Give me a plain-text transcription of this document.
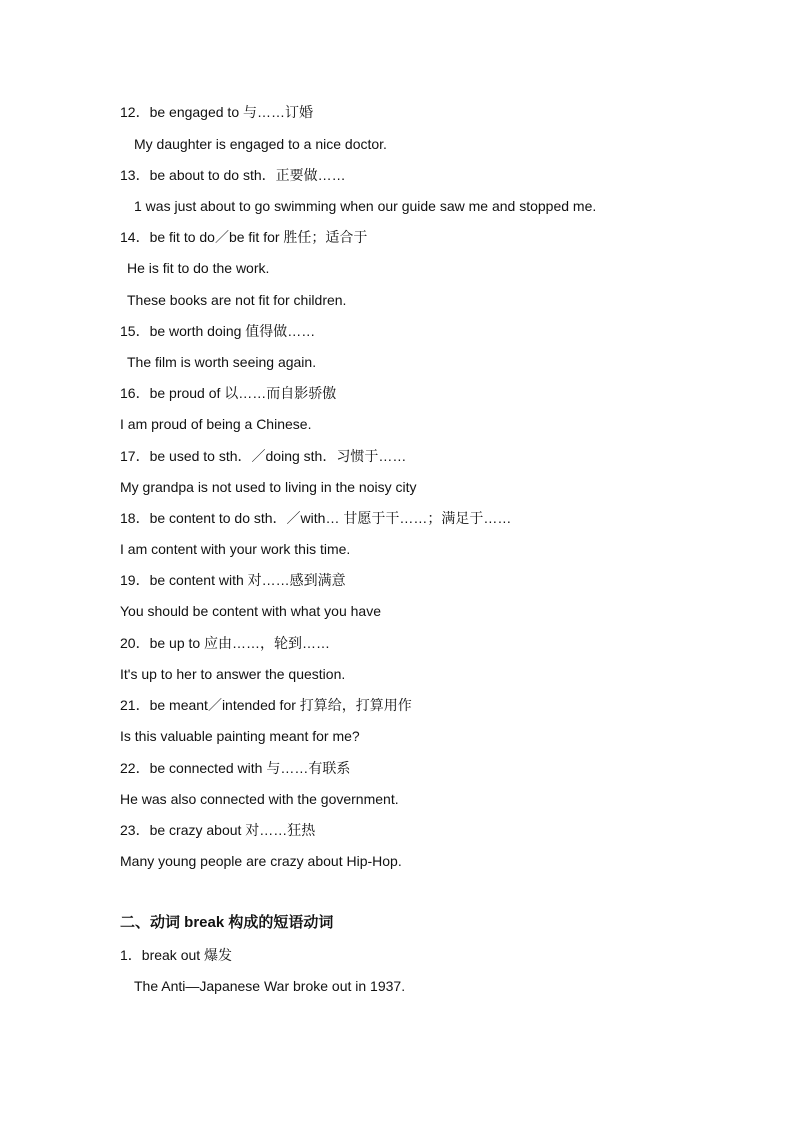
12．be engaged to 与……订婚
My daughter is engaged to a nice doctor.
13．be about to do sth．正要做……
1 was just about to go swimming when our guide saw me and stopped me.
14．be fit to do／be fit for 胜任；适合于
He is fit to do the work.
These books are not fit for children.
15．be worth doing 值得做……
The film is worth seeing again.
16．be proud of 以……而自影骄傲
I am proud of being a Chinese.
17．be used to sth．／doing sth．习惯于……
My grandpa is not used to living in the noisy city
18．be content to do sth．／with… 甘愿于干……；满足于……
I am content with your work this time.
19．be content with 对……感到满意
You should be content with what you have
20．be up to 应由……，轮到……
It's up to her to answer the question.
21．be meant／intended for 打算给，打算用作
Is this valuable painting meant for me?
22．be connected with 与……有联系
He was also connected with the government.
23．be crazy about 对……狂热
Many young people are crazy about Hip-Hop.
二、动词 break 构成的短语动词
1．break out 爆发
The Anti—Japanese War broke out in 1937.
